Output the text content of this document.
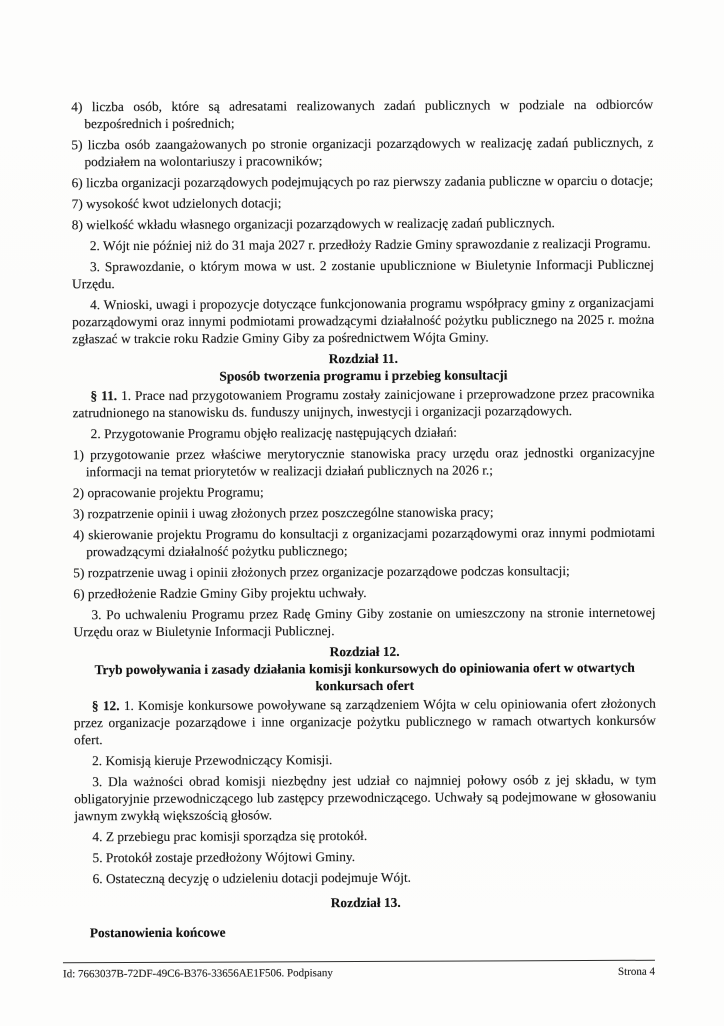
4) liczba osób, które są adresatami realizowanych zadań publicznych w podziale na odbiorców bezpośrednich i pośrednich;

5) liczba osób zaangażowanych po stronie organizacji pozarządowych w realizację zadań publicznych, z podziałem na wolontariuszy i pracowników;

6) liczba organizacji pozarządowych podejmujących po raz pierwszy zadania publiczne w oparciu o dotacje;

7) wysokość kwot udzielonych dotacji;

8) wielkość wkładu własnego organizacji pozarządowych w realizację zadań publicznych.

2. Wójt nie później niż do 31 maja 2027 r. przedłoży Radzie Gminy sprawozdanie z realizacji Programu.

3. Sprawozdanie, o którym mowa w ust. 2 zostanie upublicznione w Biuletynie Informacji Publicznej Urzędu.

4. Wnioski, uwagi i propozycje dotyczące funkcjonowania programu współpracy gminy z organizacjami pozarządowymi oraz innymi podmiotami prowadzącymi działalność pożytku publicznego na 2025 r. można zgłaszać w trakcie roku Radzie Gminy Giby za pośrednictwem Wójta Gminy.

Rozdział 11.
Sposób tworzenia programu i przebieg konsultacji

§ 11. 1. Prace nad przygotowaniem Programu zostały zainicjowane i przeprowadzone przez pracownika zatrudnionego na stanowisku ds. funduszy unijnych, inwestycji i organizacji pozarządowych.

2. Przygotowanie Programu objęło realizację następujących działań:

1) przygotowanie przez właściwe merytorycznie stanowiska pracy urzędu oraz jednostki organizacyjne informacji na temat priorytetów w realizacji działań publicznych na 2026 r.;

2) opracowanie projektu Programu;

3) rozpatrzenie opinii i uwag złożonych przez poszczególne stanowiska pracy;

4) skierowanie projektu Programu do konsultacji z organizacjami pozarządowymi oraz innymi podmiotami prowadzącymi działalność pożytku publicznego;

5) rozpatrzenie uwag i opinii złożonych przez organizacje pozarządowe podczas konsultacji;

6) przedłożenie Radzie Gminy Giby projektu uchwały.

3. Po uchwaleniu Programu przez Radę Gminy Giby zostanie on umieszczony na stronie internetowej Urzędu oraz w Biuletynie Informacji Publicznej.

Rozdział 12.
Tryb powoływania i zasady działania komisji konkursowych do opiniowania ofert w otwartych konkursach ofert

§ 12. 1. Komisje konkursowe powoływane są zarządzeniem Wójta w celu opiniowania ofert złożonych przez organizacje pozarządowe i inne organizacje pożytku publicznego w ramach otwartych konkursów ofert.

2. Komisją kieruje Przewodniczący Komisji.

3. Dla ważności obrad komisji niezbędny jest udział co najmniej połowy osób z jej składu, w tym obligatoryjnie przewodniczącego lub zastępcy przewodniczącego. Uchwały są podejmowane w głosowaniu jawnym zwykłą większością głosów.

4. Z przebiegu prac komisji sporządza się protokół.

5. Protokół zostaje przedłożony Wójtowi Gminy.

6. Ostateczną decyzję o udzieleniu dotacji podejmuje Wójt.

Rozdział 13.

Postanowienia końcowe

Id: 7663037B-72DF-49C6-B376-33656AE1F506. Podpisany	Strona 4
